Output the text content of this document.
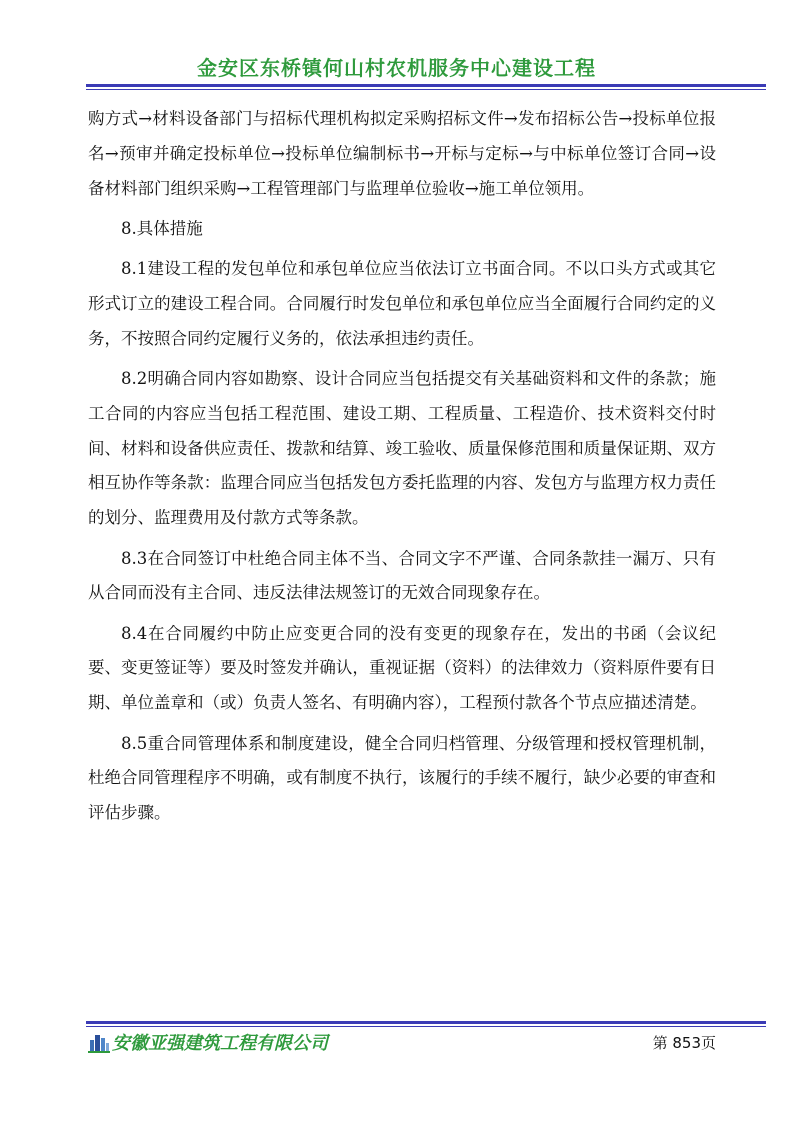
金安区东桥镇何山村农机服务中心建设工程

购方式→材料设备部门与招标代理机构拟定采购招标文件→发布招标公告→投标单位报名→预审并确定投标单位→投标单位编制标书→开标与定标→与中标单位签订合同→设备材料部门组织采购→工程管理部门与监理单位验收→施工单位领用。

8.具体措施

8.1建设工程的发包单位和承包单位应当依法订立书面合同。不以口头方式或其它形式订立的建设工程合同。合同履行时发包单位和承包单位应当全面履行合同约定的义务，不按照合同约定履行义务的，依法承担违约责任。

8.2明确合同内容如勘察、设计合同应当包括提交有关基础资料和文件的条款；施工合同的内容应当包括工程范围、建设工期、工程质量、工程造价、技术资料交付时间、材料和设备供应责任、拨款和结算、竣工验收、质量保修范围和质量保证期、双方相互协作等条款：监理合同应当包括发包方委托监理的内容、发包方与监理方权力责任的划分、监理费用及付款方式等条款。

8.3在合同签订中杜绝合同主体不当、合同文字不严谨、合同条款挂一漏万、只有从合同而没有主合同、违反法律法规签订的无效合同现象存在。

8.4在合同履约中防止应变更合同的没有变更的现象存在，发出的书函（会议纪要、变更签证等）要及时签发并确认，重视证据（资料）的法律效力（资料原件要有日期、单位盖章和（或）负责人签名、有明确内容），工程预付款各个节点应描述清楚。

8.5重合同管理体系和制度建设，健全合同归档管理、分级管理和授权管理机制，杜绝合同管理程序不明确，或有制度不执行，该履行的手续不履行，缺少必要的审查和评估步骤。

安徽亚强建筑工程有限公司	第 853页
